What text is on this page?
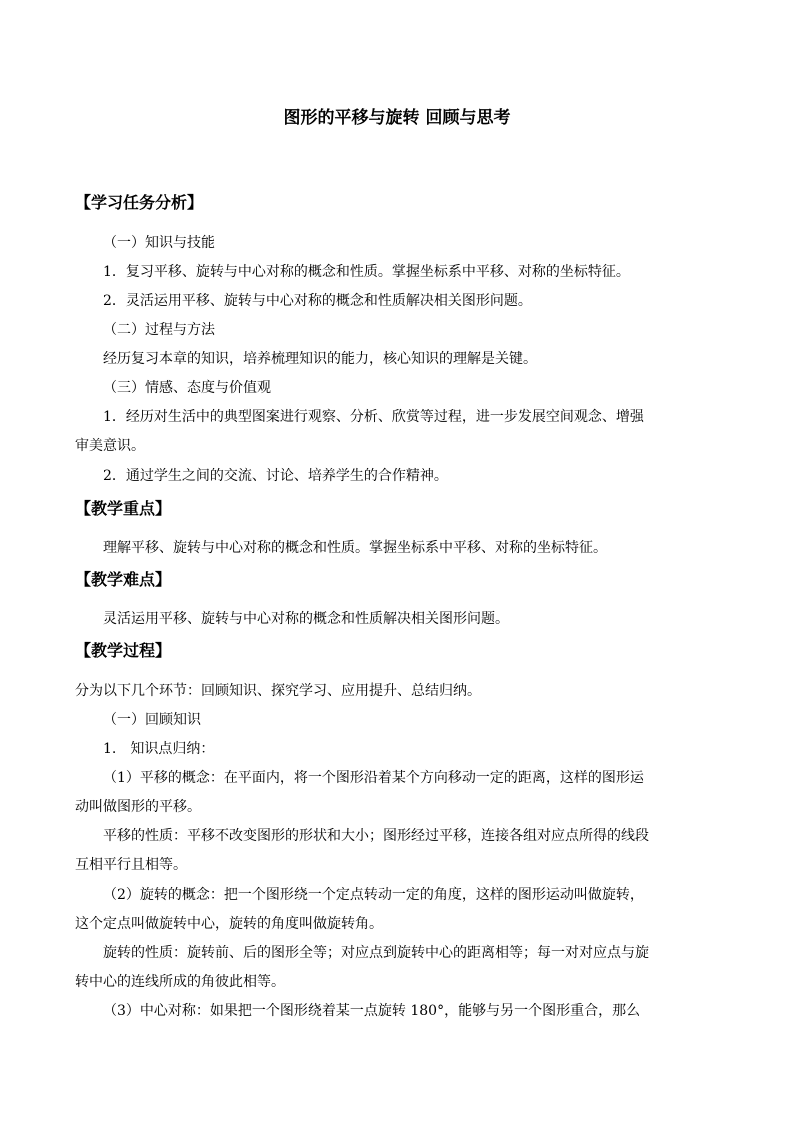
图形的平移与旋转 回顾与思考
【学习任务分析】
（一）知识与技能
1．复习平移、旋转与中心对称的概念和性质。掌握坐标系中平移、对称的坐标特征。
2．灵活运用平移、旋转与中心对称的概念和性质解决相关图形问题。
（二）过程与方法
经历复习本章的知识，培养梳理知识的能力，核心知识的理解是关键。
（三）情感、态度与价值观
1．经历对生活中的典型图案进行观察、分析、欣赏等过程，进一步发展空间观念、增强
审美意识。
2．通过学生之间的交流、讨论、培养学生的合作精神。
【教学重点】
理解平移、旋转与中心对称的概念和性质。掌握坐标系中平移、对称的坐标特征。
【教学难点】
灵活运用平移、旋转与中心对称的概念和性质解决相关图形问题。
【教学过程】
分为以下几个环节：回顾知识、探究学习、应用提升、总结归纳。
（一）回顾知识
1.　知识点归纳：
（1）平移的概念：在平面内，将一个图形沿着某个方向移动一定的距离，这样的图形运
动叫做图形的平移。
平移的性质：平移不改变图形的形状和大小；图形经过平移，连接各组对应点所得的线段
互相平行且相等。
（2）旋转的概念：把一个图形绕一个定点转动一定的角度，这样的图形运动叫做旋转，
这个定点叫做旋转中心，旋转的角度叫做旋转角。
旋转的性质：旋转前、后的图形全等；对应点到旋转中心的距离相等；每一对对应点与旋
转中心的连线所成的角彼此相等。
（3）中心对称：如果把一个图形绕着某一点旋转 180°，能够与另一个图形重合，那么
